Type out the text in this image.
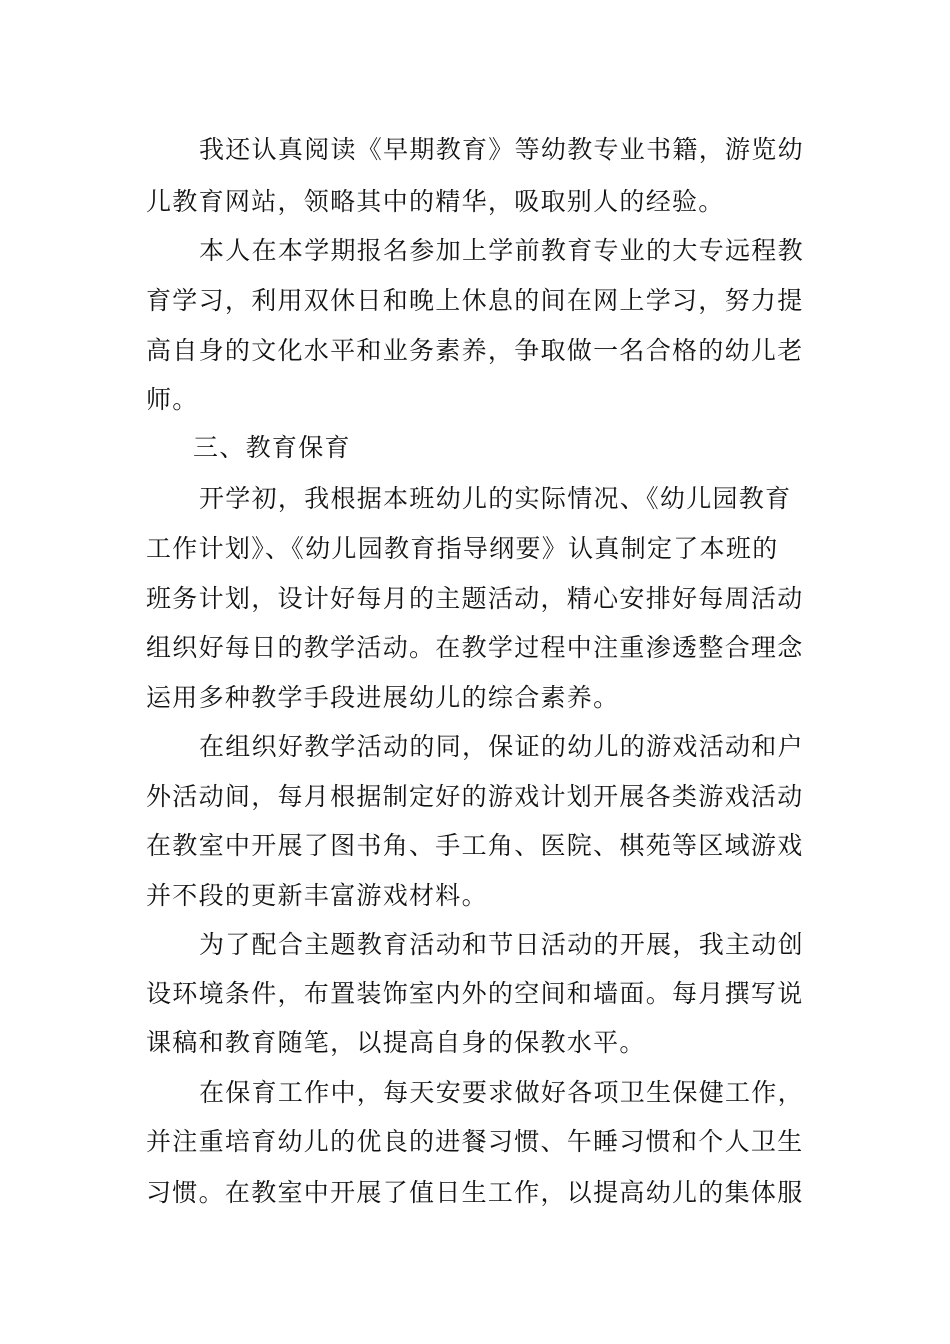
我还认真阅读《早期教育》等幼教专业书籍，游览幼

儿教育网站，领略其中的精华，吸取别人的经验。

本人在本学期报名参加上学前教育专业的大专远程教

育学习，利用双休日和晚上休息的间在网上学习，努力提

高自身的文化水平和业务素养，争取做一名合格的幼儿老

师。

三、教育保育

开学初，我根据本班幼儿的实际情况、《幼儿园教育

工作计划》、《幼儿园教育指导纲要》认真制定了本班的

班务计划，设计好每月的主题活动，精心安排好每周活动

组织好每日的教学活动。在教学过程中注重渗透整合理念

运用多种教学手段进展幼儿的综合素养。

在组织好教学活动的同，保证的幼儿的游戏活动和户

外活动间，每月根据制定好的游戏计划开展各类游戏活动

在教室中开展了图书角、手工角、医院、棋苑等区域游戏

并不段的更新丰富游戏材料。

为了配合主题教育活动和节日活动的开展，我主动创

设环境条件，布置装饰室内外的空间和墙面。每月撰写说

课稿和教育随笔，以提高自身的保教水平。

在保育工作中，每天安要求做好各项卫生保健工作，

并注重培育幼儿的优良的进餐习惯、午睡习惯和个人卫生

习惯。在教室中开展了值日生工作，以提高幼儿的集体服
